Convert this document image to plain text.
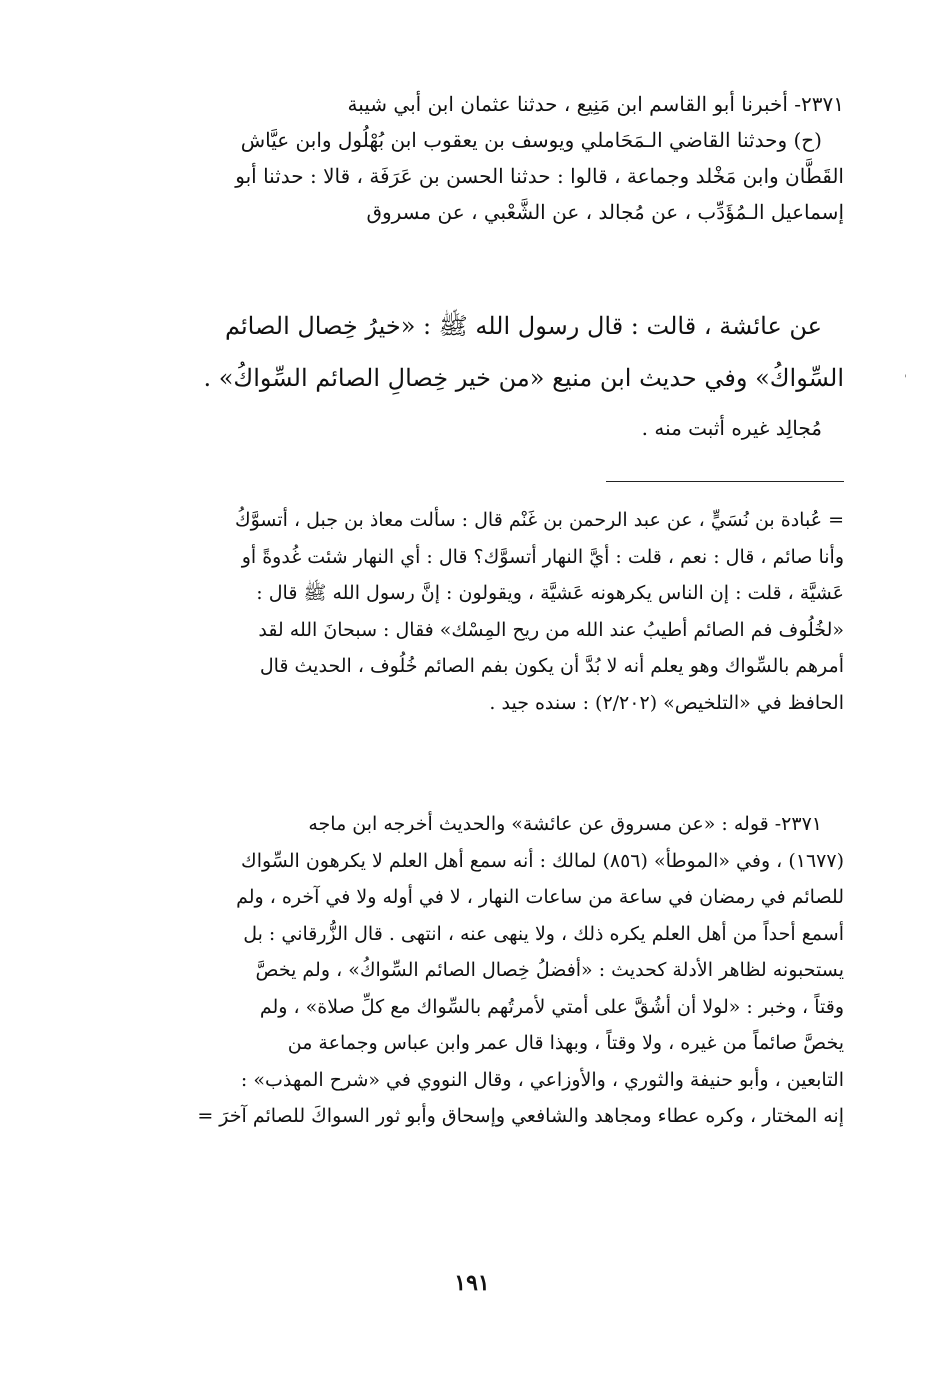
٢٣٧١- أخبرنا أبو القاسم ابن مَنِيع ، حدثنا عثمان ابن أبي شيبة
(ح) وحدثنا القاضي الـمَحَاملي ويوسف بن يعقوب ابن بُهْلُول وابن عيَّاش
القَطَّان وابن مَخْلد وجماعة ، قالوا : حدثنا الحسن بن عَرَفَة ، قالا : حدثنا أبو
إسماعيل الـمُؤَدِّب ، عن مُجالد ، عن الشَّعْبي ، عن مسروق
عن عائشة ، قالت : قال رسول الله ﷺ : «خيرُ خِصال الصائم
السِّواكُ» وفي حديث ابن منيع «من خير خِصالِ الصائم السِّواكُ» .
مُجالِد غيره أثبت منه .
= عُبادة بن نُسَيٍّ ، عن عبد الرحمن بن غَنْم قال : سألت معاذ بن جبل ، أتسوَّكُ
وأنا صائم ، قال : نعم ، قلت : أيَّ النهار أتسوَّك؟ قال : أي النهار شئت غُدوةً أو
عَشيَّة ، قلت : إن الناس يكرهونه عَشيَّة ، ويقولون : إنَّ رسول الله ﷺ قال :
«لخُلُوف فم الصائم أطيبُ عند الله من ريح المِسْك» فقال : سبحانَ الله لقد
أمرهم بالسِّواك وهو يعلم أنه لا بُدَّ أن يكون بفم الصائم خُلُوف ، الحديث قال
الحافظ في «التلخيص» (٢/٢٠٢) : سنده جيد .
٢٣٧١- قوله : «عن مسروق عن عائشة» والحديث أخرجه ابن ماجه
(١٦٧٧) ، وفي «الموطأ» (٨٥٦) لمالك : أنه سمع أهل العلم لا يكرهون السِّواك
للصائم في رمضان في ساعة من ساعات النهار ، لا في أوله ولا في آخره ، ولم
أسمع أحداً من أهل العلم يكره ذلك ، ولا ينهى عنه ، انتهى . قال الزُّرقاني : بل
يستحبونه لظاهر الأدلة كحديث : «أفضلُ خِصال الصائم السِّواكُ» ، ولم يخصَّ
وقتاً ، وخبر : «لولا أن أشُقَّ على أمتي لأمرتُهم بالسِّواك مع كلِّ صلاة» ، ولم
يخصَّ صائماً من غيره ، ولا وقتاً ، وبهذا قال عمر وابن عباس وجماعة من
التابعين ، وأبو حنيفة والثوري ، والأوزاعي ، وقال النووي في «شرح المهذب» :
إنه المختار ، وكره عطاء ومجاهد والشافعي وإسحاق وأبو ثور السواكَ للصائم آخرَ =
١٩١
'
